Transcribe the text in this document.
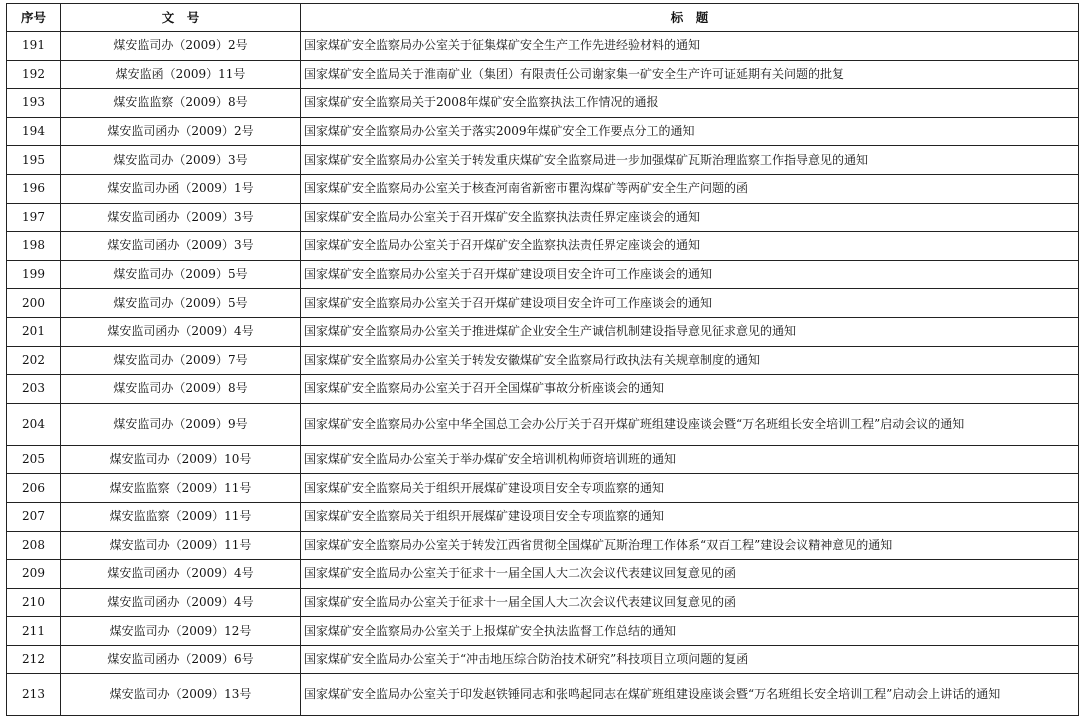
序号	文　号	标　题
191	煤安监司办（2009）2号	国家煤矿安全监察局办公室关于征集煤矿安全生产工作先进经验材料的通知
192	煤安监函（2009）11号	国家煤矿安全监局关于淮南矿业（集团）有限责任公司谢家集一矿安全生产许可证延期有关问题的批复
193	煤安监监察（2009）8号	国家煤矿安全监察局关于2008年煤矿安全监察执法工作情况的通报
194	煤安监司函办（2009）2号	国家煤矿安全监察局办公室关于落实2009年煤矿安全工作要点分工的通知
195	煤安监司办（2009）3号	国家煤矿安全监察局办公室关于转发重庆煤矿安全监察局进一步加强煤矿瓦斯治理监察工作指导意见的通知
196	煤安监司办函（2009）1号	国家煤矿安全监察局办公室关于核查河南省新密市瞿沟煤矿等两矿安全生产问题的函
197	煤安监司函办（2009）3号	国家煤矿安全监局办公室关于召开煤矿安全监察执法责任界定座谈会的通知
198	煤安监司函办（2009）3号	国家煤矿安全监局办公室关于召开煤矿安全监察执法责任界定座谈会的通知
199	煤安监司办（2009）5号	国家煤矿安全监察局办公室关于召开煤矿建设项目安全许可工作座谈会的通知
200	煤安监司办（2009）5号	国家煤矿安全监察局办公室关于召开煤矿建设项目安全许可工作座谈会的通知
201	煤安监司函办（2009）4号	国家煤矿安全监察局办公室关于推进煤矿企业安全生产诚信机制建设指导意见征求意见的通知
202	煤安监司办（2009）7号	国家煤矿安全监察局办公室关于转发安徽煤矿安全监察局行政执法有关规章制度的通知
203	煤安监司办（2009）8号	国家煤矿安全监察局办公室关于召开全国煤矿事故分析座谈会的通知
204	煤安监司办（2009）9号	国家煤矿安全监察局办公室中华全国总工会办公厅关于召开煤矿班组建设座谈会暨“万名班组长安全培训工程”启动会议的通知
205	煤安监司办（2009）10号	国家煤矿安全监局办公室关于举办煤矿安全培训机构师资培训班的通知
206	煤安监监察（2009）11号	国家煤矿安全监察局关于组织开展煤矿建设项目安全专项监察的通知
207	煤安监监察（2009）11号	国家煤矿安全监察局关于组织开展煤矿建设项目安全专项监察的通知
208	煤安监司办（2009）11号	国家煤矿安全监察局办公室关于转发江西省贯彻全国煤矿瓦斯治理工作体系“双百工程”建设会议精神意见的通知
209	煤安监司函办（2009）4号	国家煤矿安全监局办公室关于征求十一届全国人大二次会议代表建议回复意见的函
210	煤安监司函办（2009）4号	国家煤矿安全监局办公室关于征求十一届全国人大二次会议代表建议回复意见的函
211	煤安监司办（2009）12号	国家煤矿安全监察局办公室关于上报煤矿安全执法监督工作总结的通知
212	煤安监司函办（2009）6号	国家煤矿安全监局办公室关于“冲击地压综合防治技术研究”科技项目立项问题的复函
213	煤安监司办（2009）13号	国家煤矿安全监局办公室关于印发赵铁锤同志和张鸣起同志在煤矿班组建设座谈会暨“万名班组长安全培训工程”启动会上讲话的通知
